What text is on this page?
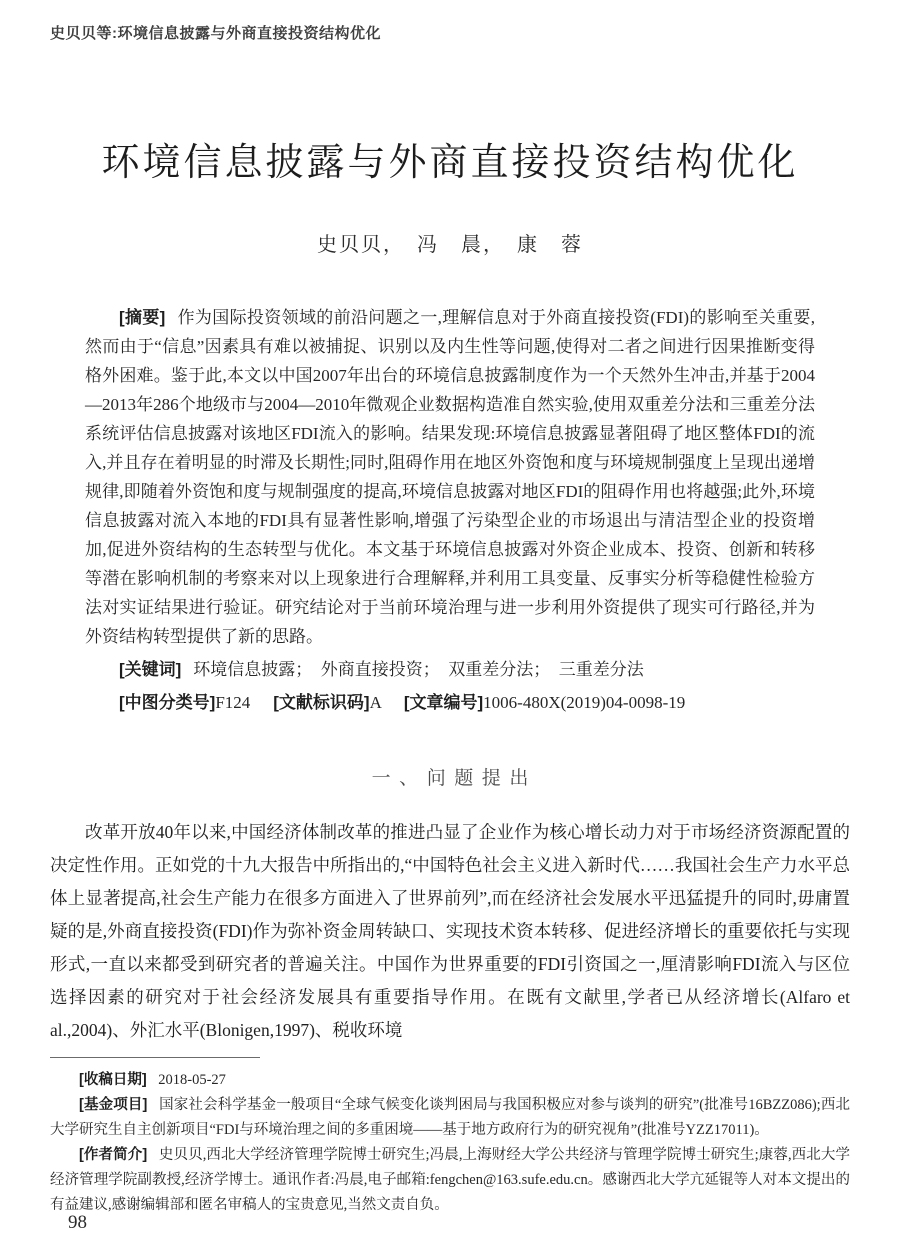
史贝贝等:环境信息披露与外商直接投资结构优化
环境信息披露与外商直接投资结构优化
史贝贝，　冯　晨，　康　蓉

[摘要] 作为国际投资领域的前沿问题之一,理解信息对于外商直接投资(FDI)的影响至关重要,然而由于“信息”因素具有难以被捕捉、识别以及内生性等问题,使得对二者之间进行因果推断变得格外困难。鉴于此,本文以中国2007年出台的环境信息披露制度作为一个天然外生冲击,并基于2004—2013年286个地级市与2004—2010年微观企业数据构造准自然实验,使用双重差分法和三重差分法系统评估信息披露对该地区FDI流入的影响。结果发现:环境信息披露显著阻碍了地区整体FDI的流入,并且存在着明显的时滞及长期性;同时,阻碍作用在地区外资饱和度与环境规制强度上呈现出递增规律,即随着外资饱和度与规制强度的提高,环境信息披露对地区FDI的阻碍作用也将越强;此外,环境信息披露对流入本地的FDI具有显著性影响,增强了污染型企业的市场退出与清洁型企业的投资增加,促进外资结构的生态转型与优化。本文基于环境信息披露对外资企业成本、投资、创新和转移等潜在影响机制的考察来对以上现象进行合理解释,并利用工具变量、反事实分析等稳健性检验方法对实证结果进行验证。研究结论对于当前环境治理与进一步利用外资提供了现实可行路径,并为外资结构转型提供了新的思路。

[关键词] 环境信息披露；　外商直接投资；　双重差分法；　三重差分法

[中图分类号]F124 [文献标识码]A [文章编号]1006-480X(2019)04-0098-19

一、问题提出

改革开放40年以来,中国经济体制改革的推进凸显了企业作为核心增长动力对于市场经济资源配置的决定性作用。正如党的十九大报告中所指出的,“中国特色社会主义进入新时代……我国社会生产力水平总体上显著提高,社会生产能力在很多方面进入了世界前列”,而在经济社会发展水平迅猛提升的同时,毋庸置疑的是,外商直接投资(FDI)作为弥补资金周转缺口、实现技术资本转移、促进经济增长的重要依托与实现形式,一直以来都受到研究者的普遍关注。中国作为世界重要的FDI引资国之一,厘清影响FDI流入与区位选择因素的研究对于社会经济发展具有重要指导作用。在既有文献里,学者已从经济增长(Alfaro et al.,2004)、外汇水平(Blonigen,1997)、税收环境

[收稿日期] 2018-05-27

[基金项目] 国家社会科学基金一般项目“全球气候变化谈判困局与我国积极应对参与谈判的研究”(批准号16BZZ086);西北大学研究生自主创新项目“FDI与环境治理之间的多重困境——基于地方政府行为的研究视角”(批准号YZZ17011)。

[作者简介] 史贝贝,西北大学经济管理学院博士研究生;冯晨,上海财经大学公共经济与管理学院博士研究生;康蓉,西北大学经济管理学院副教授,经济学博士。通讯作者:冯晨,电子邮箱:fengchen@163.sufe.edu.cn。感谢西北大学亢延锟等人对本文提出的有益建议,感谢编辑部和匿名审稿人的宝贵意见,当然文责自负。

98
